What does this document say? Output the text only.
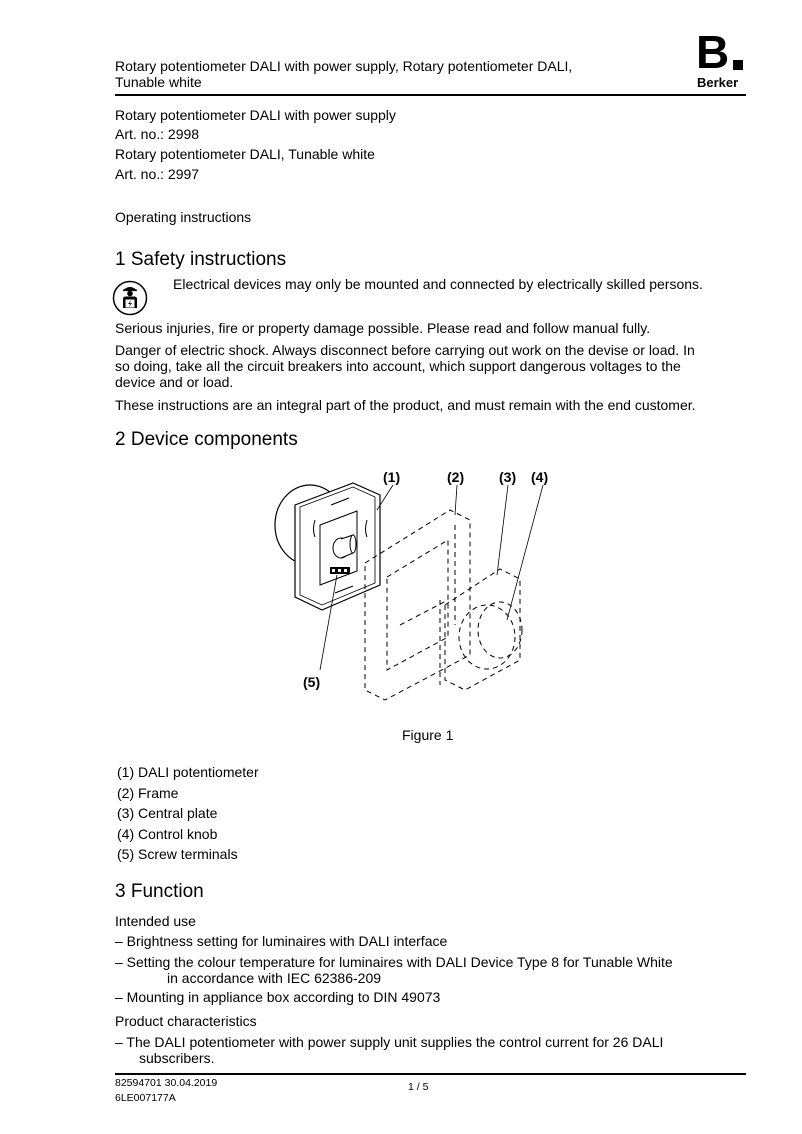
Rotary potentiometer DALI with power supply, Rotary potentiometer DALI,
Tunable white
B
Berker
Rotary potentiometer DALI with power supply
Art. no.: 2998
Rotary potentiometer DALI, Tunable white
Art. no.: 2997
Operating instructions
1 Safety instructions
Electrical devices may only be mounted and connected by electrically skilled persons.
Serious injuries, fire or property damage possible. Please read and follow manual fully.
Danger of electric shock. Always disconnect before carrying out work on the devise or load. In
so doing, take all the circuit breakers into account, which support dangerous voltages to the
device and or load.
These instructions are an integral part of the product, and must remain with the end customer.
2 Device components
(1)	(2) (3) (4)
(5)
Figure 1
(1) DALI potentiometer
(2) Frame
(3) Central plate
(4) Control knob
(5) Screw terminals
3 Function
Intended use
– Brightness setting for luminaires with DALI interface
– Setting the colour temperature for luminaires with DALI Device Type 8 for Tunable White
in accordance with IEC 62386-209
– Mounting in appliance box according to DIN 49073
Product characteristics
– The DALI potentiometer with power supply unit supplies the control current for 26 DALI
subscribers.
82594701 30.04.2019
6LE007177A
1 / 5
